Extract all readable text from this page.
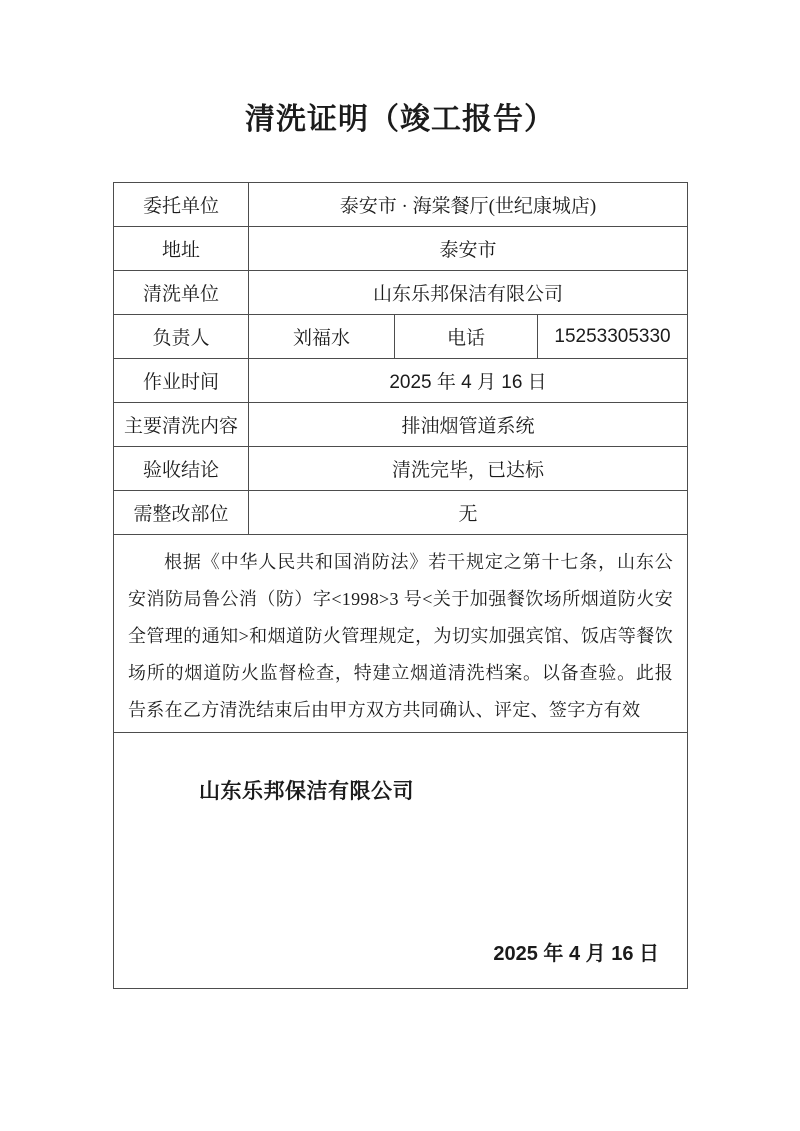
清洗证明（竣工报告）
委托单位	泰安市 · 海棠餐厅(世纪康城店)		
地址	泰安市		
清洗单位	山东乐邦保洁有限公司		
负责人	刘福水	电话	15253305330
作业时间	2025 年 4 月 16 日		
主要清洗内容	排油烟管道系统		
验收结论	清洗完毕，已达标		
需整改部位	无		

根据《中华人民共和国消防法》若干规定之第十七条，山东公安消防局鲁公消（防）字<1998>3 号<关于加强餐饮场所烟道防火安全管理的通知>和烟道防火管理规定，为切实加强宾馆、饭店等餐饮场所的烟道防火监督检查，特建立烟道清洗档案。以备查验。此报告系在乙方清洗结束后由甲方双方共同确认、评定、签字方有效			

山东乐邦保洁有限公司
2025 年 4 月 16 日			
